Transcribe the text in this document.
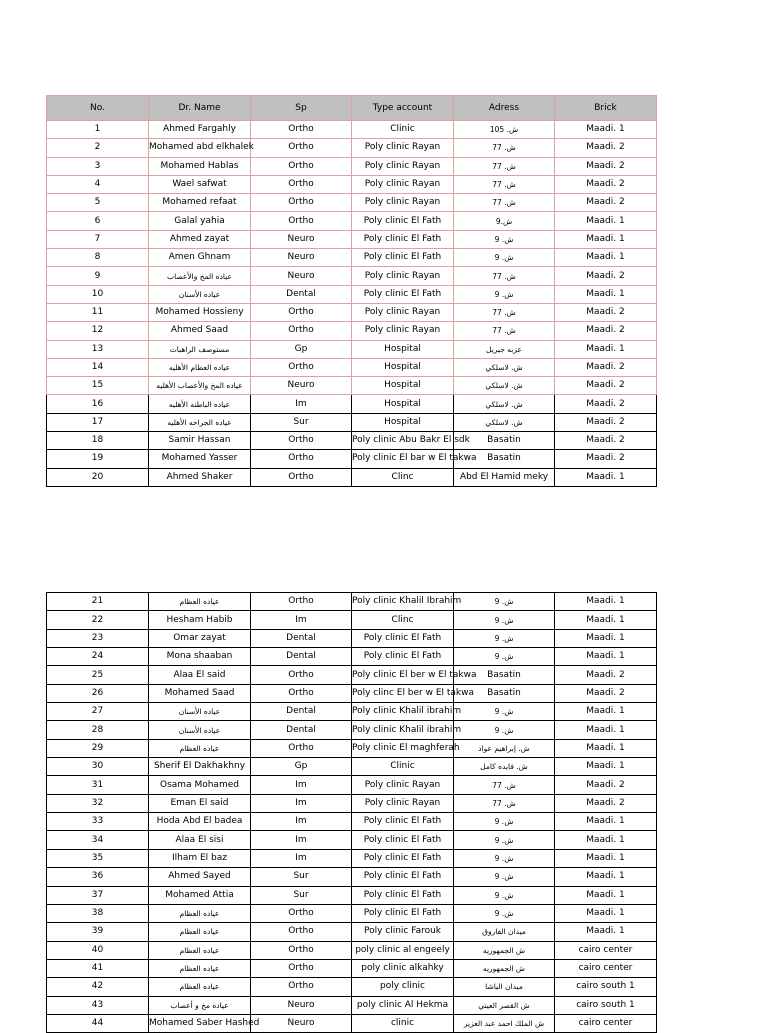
No.	Dr. Name	Sp	Type account	Adress	Brick
1	Ahmed Fargahly	Ortho	Clinic	ش. 105	Maadi. 1
2	Mohamed abd elkhalek	Ortho	Poly clinic Rayan	ش. 77	Maadi. 2
3	Mohamed Hablas	Ortho	Poly clinic Rayan	ش. 77	Maadi. 2
4	Wael safwat	Ortho	Poly clinic Rayan	ش. 77	Maadi. 2
5	Mohamed refaat	Ortho	Poly clinic Rayan	ش. 77	Maadi. 2
6	Galal yahia	Ortho	Poly clinic El Fath	ش.9	Maadi. 1
7	Ahmed zayat	Neuro	Poly clinic El Fath	ش. 9	Maadi. 1
8	Amen Ghnam	Neuro	Poly clinic El Fath	ش. 9	Maadi. 1
9	عياده المخ والأعصاب	Neuro	Poly clinic Rayan	ش. 77	Maadi. 2
10	عياده الأسنان	Dental	Poly clinic El Fath	ش. 9	Maadi. 1
11	Mohamed Hossieny	Ortho	Poly clinic Rayan	ش. 77	Maadi. 2
12	Ahmed Saad	Ortho	Poly clinic Rayan	ش. 77	Maadi. 2
13	مستوصف الراهبات	Gp	Hospital	عزبه جبريل	Maadi. 1
14	عياده العظام الأهليه	Ortho	Hospital	ش. لاسلكي	Maadi. 2
15	عياده المخ والأعصاب الأهليه	Neuro	Hospital	ش. لاسلكي	Maadi. 2
16	عياده الباطنه الأهليه	Im	Hospital	ش. لاسلكي	Maadi. 2
17	عياده الجراحه الأهليه	Sur	Hospital	ش. لاسلكي	Maadi. 2
18	Samir Hassan	Ortho	Poly clinic Abu Bakr El sdk	Basatin	Maadi. 2
19	Mohamed Yasser	Ortho	Poly clinic El bar w El takwa	Basatin	Maadi. 2
20	Ahmed Shaker	Ortho	Clinc	Abd El Hamid meky	Maadi. 1
21	عياده العظام	Ortho	Poly clinic Khalil Ibrahim	ش. 9	Maadi. 1
22	Hesham Habib	Im	Clinc	ش. 9	Maadi. 1
23	Omar zayat	Dental	Poly clinic El Fath	ش. 9	Maadi. 1
24	Mona shaaban	Dental	Poly clinic El Fath	ش. 9	Maadi. 1
25	Alaa El said	Ortho	Poly clinic El ber w El takwa	Basatin	Maadi. 2
26	Mohamed Saad	Ortho	Poly clinc El ber w El takwa	Basatin	Maadi. 2
27	عياده الأسنان	Dental	Poly clinic Khalil ibrahim	ش. 9	Maadi. 1
28	عياده الأسنان	Dental	Poly clinic Khalil ibrahim	ش. 9	Maadi. 1
29	عياده العظام	Ortho	Poly clinic El maghferah	ش. إبراهيم عواد	Maadi. 1
30	Sherif El Dakhakhny	Gp	Clinic	ش. فايده كامل	Maadi. 1
31	Osama Mohamed	Im	Poly clinic Rayan	ش. 77	Maadi. 2
32	Eman El said	Im	Poly clinic Rayan	ش. 77	Maadi. 2
33	Hoda Abd El badea	Im	Poly clinic El Fath	ش. 9	Maadi. 1
34	Alaa El sisi	Im	Poly clinic El Fath	ش. 9	Maadi. 1
35	Ilham El baz	Im	Poly clinic El Fath	ش. 9	Maadi. 1
36	Ahmed Sayed	Sur	Poly clinic El Fath	ش. 9	Maadi. 1
37	Mohamed Attia	Sur	Poly clinic El Fath	ش. 9	Maadi. 1
38	عياده العظام	Ortho	Poly clinic El Fath	ش. 9	Maadi. 1
39	عياده العظام	Ortho	Poly clinic Farouk	ميدان الفاروق	Maadi. 1
40	عياده العظام	Ortho	poly clinic al engeely	ش الجمهوريه	cairo center
41	عياده العظام	Ortho	poly clinic alkahky	ش الجمهوريه	cairo center
42	عياده العظام	Ortho	poly clinic	ميدان الباشا	cairo south 1
43	عياده مخ و أعصاب	Neuro	poly clinic Al Hekma	ش القصر العيني	cairo south 1
44	Mohamed Saber Hashed	Neuro	clinic	ش الملك احمد عبد العزيز	cairo center
